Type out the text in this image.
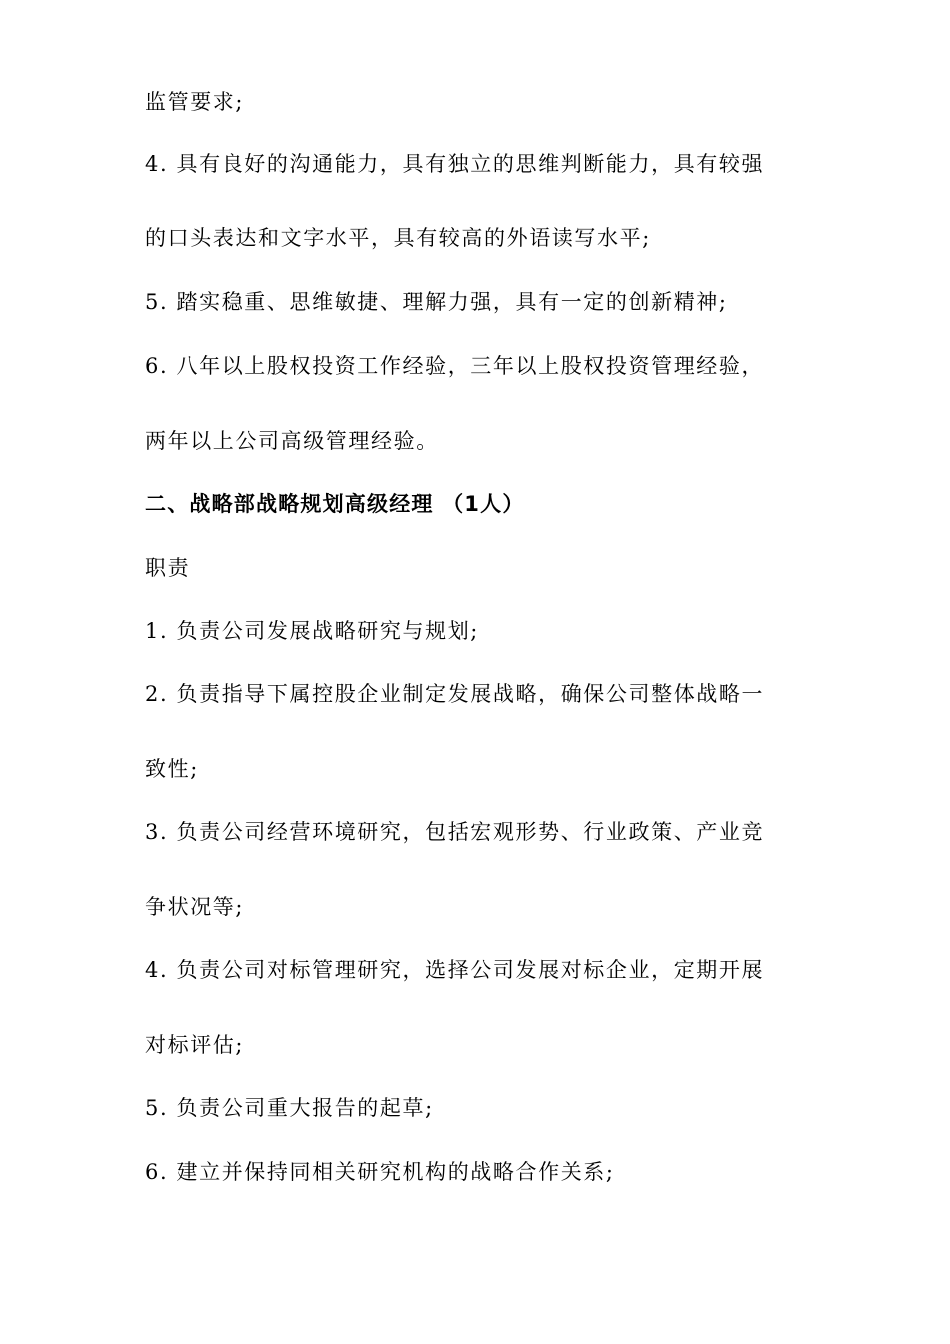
监管要求;
4. 具有良好的沟通能力，具有独立的思维判断能力，具有较强
的口头表达和文字水平，具有较高的外语读写水平;
5. 踏实稳重、思维敏捷、理解力强，具有一定的创新精神;
6. 八年以上股权投资工作经验，三年以上股权投资管理经验，
两年以上公司高级管理经验。
二、战略部战略规划高级经理 （1人）
职责
1. 负责公司发展战略研究与规划;
2. 负责指导下属控股企业制定发展战略，确保公司整体战略一
致性;
3. 负责公司经营环境研究，包括宏观形势、行业政策、产业竞
争状况等;
4. 负责公司对标管理研究，选择公司发展对标企业，定期开展
对标评估;
5. 负责公司重大报告的起草;
6. 建立并保持同相关研究机构的战略合作关系;
